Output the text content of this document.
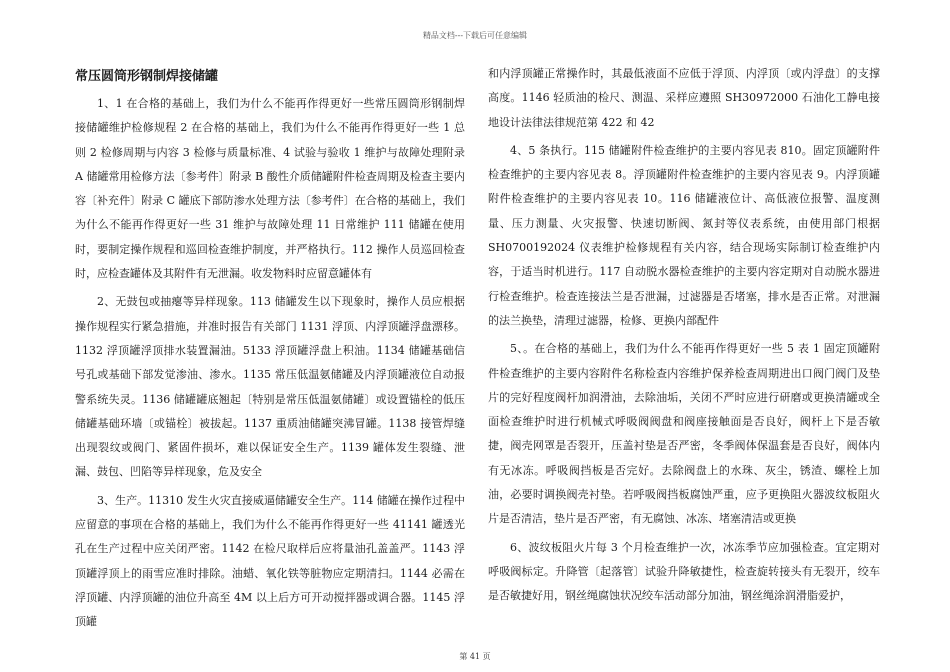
精品文档---下载后可任意编辑
常压圆筒形钢制焊接储罐

1、1 在合格的基础上，我们为什么不能再作得更好一些常压圆筒形钢制焊接储罐维护检修规程 2 在合格的基础上，我们为什么不能再作得更好一些 1 总则 2 检修周期与内容 3 检修与质量标准、4 试验与验收 1 维护与故障处理附录 A 储罐常用检修方法〔参考件〕附录 B 酸性介质储罐附件检查周期及检查主要内容〔补充件〕附录 C 罐底下部防渗水处理方法〔参考件〕在合格的基础上，我们为什么不能再作得更好一些 31 维护与故障处理 11 日常维护 111 储罐在使用时，要制定操作规程和巡回检查维护制度，并严格执行。112 操作人员巡回检查时，应检查罐体及其附件有无泄漏。收发物料时应留意罐体有

2、无鼓包或抽瘪等异样现象。113 储罐发生以下现象时，操作人员应根据操作规程实行紧急措施，并准时报告有关部门 1131 浮顶、内浮顶罐浮盘漂移。1132 浮顶罐浮顶排水装置漏油。5133 浮顶罐浮盘上积油。1134 储罐基础信号孔或基础下部发觉渗油、渗水。1135 常压低温氨储罐及内浮顶罐液位自动报警系统失灵。1136 储罐罐底翘起〔特别是常压低温氨储罐〕或设置锚栓的低压储罐基础环墙〔或锚栓〕被拔起。1137 重质油储罐突沸冒罐。1138 接管焊缝出现裂纹或阀门、紧固件损坏，难以保证安全生产。1139 罐体发生裂缝、泄漏、鼓包、凹陷等异样现象，危及安全

3、生产。11310 发生火灾直接威逼储罐安全生产。114 储罐在操作过程中应留意的事项在合格的基础上，我们为什么不能再作得更好一些 41141 罐透光孔在生产过程中应关闭严密。1142 在检尺取样后应将量油孔盖盖严。1143 浮顶罐浮顶上的雨雪应准时排除。油蜡、氧化铁等脏物应定期清扫。1144 必需在浮顶罐、内浮顶罐的油位升高至 4M 以上后方可开动搅拌器或调合器。1145 浮顶罐

和内浮顶罐正常操作时，其最低液面不应低于浮顶、内浮顶〔或内浮盘〕的支撑高度。1146 轻质油的检尺、测温、采样应遵照 SH30972000 石油化工静电接地设计法律法律规范第 422 和 42

4、5 条执行。115 储罐附件检查维护的主要内容见表 810。固定顶罐附件检查维护的主要内容见表 8。浮顶罐附件检查维护的主要内容见表 9。内浮顶罐附件检查维护的主要内容见表 10。116 储罐液位计、高低液位报警、温度测量、压力测量、火灾报警、快速切断阀、氮封等仪表系统，由使用部门根据 SH0700192024 仪表维护检修规程有关内容，结合现场实际制订检查维护内容，于适当时机进行。117 自动脱水器检查维护的主要内容定期对自动脱水器进行检查维护。检查连接法兰是否泄漏，过滤器是否堵塞，排水是否正常。对泄漏的法兰换垫，清理过滤器，检修、更换内部配件

5、。在合格的基础上，我们为什么不能再作得更好一些 5 表 1 固定顶罐附件检查维护的主要内容附件名称检查内容维护保养检查周期进出口阀门阀门及垫片的完好程度阀杆加润滑油，去除油垢，关闭不严时应进行研磨或更换清罐或全面检查维护时进行机械式呼吸阀阀盘和阀座接触面是否良好，阀杆上下是否敏捷，阀壳网罩是否裂开，压盖衬垫是否严密，冬季阀体保温套是否良好，阀体内有无冰冻。呼吸阀挡板是否完好。去除阀盘上的水珠、灰尘，锈渣、螺栓上加油，必要时调换阀壳衬垫。若呼吸阀挡板腐蚀严重，应予更换阻火器波纹板阻火片是否清洁，垫片是否严密，有无腐蚀、冰冻、堵塞清洁或更换

6、波纹板阻火片每 3 个月检查维护一次，冰冻季节应加强检查。宜定期对呼吸阀标定。升降管〔起落管〕试验升降敏捷性，检查旋转接头有无裂开，绞车是否敏捷好用，钢丝绳腐蚀状况绞车活动部分加油，钢丝绳涂润滑脂爱护，

第 41 页
